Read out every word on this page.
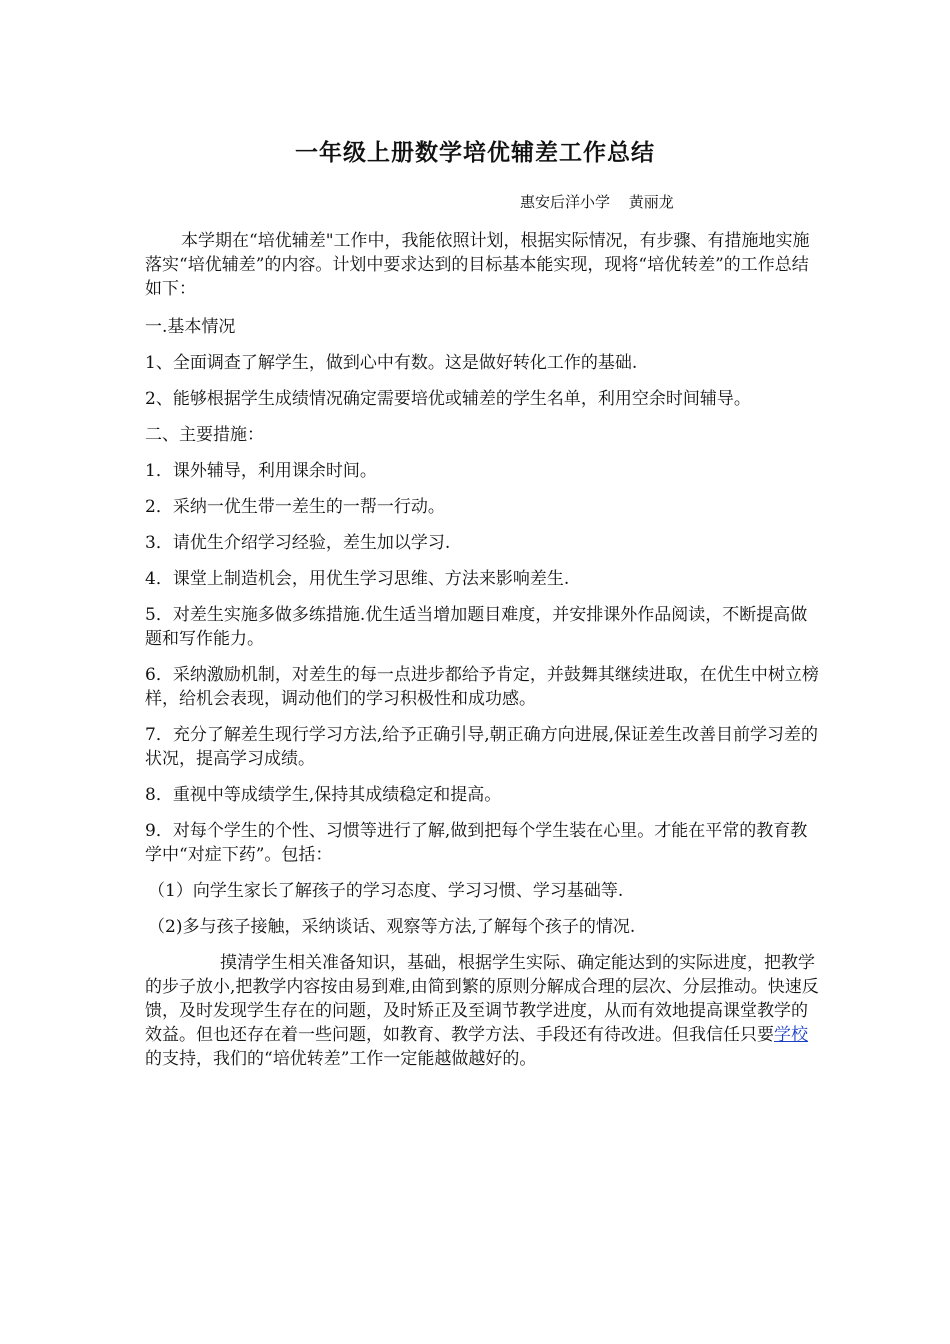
一年级上册数学培优辅差工作总结
惠安后洋小学 黄丽龙

本学期在“培优辅差"工作中，我能依照计划，根据实际情况，有步骤、有措施地实施落实“培优辅差”的内容。计划中要求达到的目标基本能实现，现将“培优转差”的工作总结如下：

一.基本情况

1、全面调查了解学生，做到心中有数。这是做好转化工作的基础.

2、能够根据学生成绩情况确定需要培优或辅差的学生名单，利用空余时间辅导。

二、主要措施：

1．课外辅导，利用课余时间。

2．采纳一优生带一差生的一帮一行动。

3．请优生介绍学习经验，差生加以学习.

4．课堂上制造机会，用优生学习思维、方法来影响差生.

5．对差生实施多做多练措施.优生适当增加题目难度，并安排课外作品阅读，不断提高做题和写作能力。

6．采纳激励机制，对差生的每一点进步都给予肯定，并鼓舞其继续进取，在优生中树立榜样，给机会表现，调动他们的学习积极性和成功感。

7．充分了解差生现行学习方法,给予正确引导,朝正确方向进展,保证差生改善目前学习差的状况，提高学习成绩。

8．重视中等成绩学生,保持其成绩稳定和提高。

9．对每个学生的个性、习惯等进行了解,做到把每个学生装在心里。才能在平常的教育教学中“对症下药”。包括：

（1）向学生家长了解孩子的学习态度、学习习惯、学习基础等.

（2)多与孩子接触，采纳谈话、观察等方法,了解每个孩子的情况.

摸清学生相关准备知识，基础，根据学生实际、确定能达到的实际进度，把教学的步子放小,把教学内容按由易到难,由简到繁的原则分解成合理的层次、分层推动。快速反馈，及时发现学生存在的问题，及时矫正及至调节教学进度，从而有效地提高课堂教学的效益。但也还存在着一些问题，如教育、教学方法、手段还有待改进。但我信任只要学校的支持，我们的“培优转差”工作一定能越做越好的。
